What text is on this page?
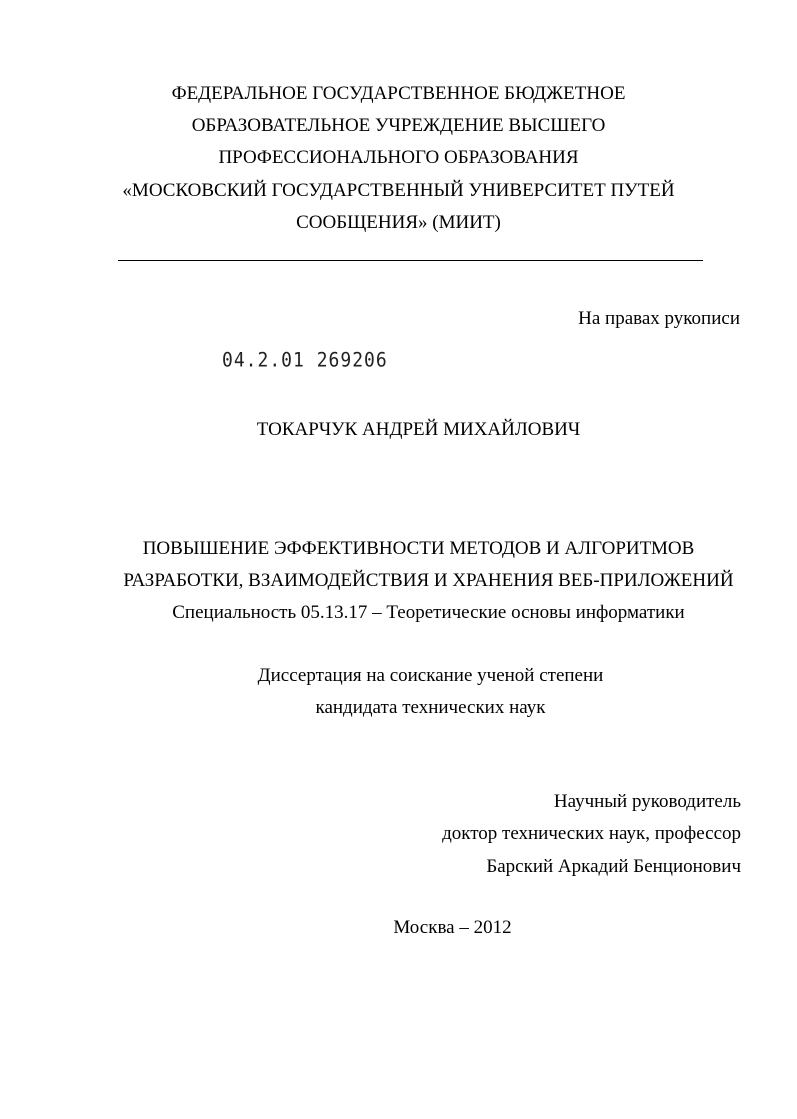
ФЕДЕРАЛЬНОЕ ГОСУДАРСТВЕННОЕ БЮДЖЕТНОЕ
ОБРАЗОВАТЕЛЬНОЕ УЧРЕЖДЕНИЕ ВЫСШЕГО
ПРОФЕССИОНАЛЬНОГО ОБРАЗОВАНИЯ
«МОСКОВСКИЙ ГОСУДАРСТВЕННЫЙ УНИВЕРСИТЕТ ПУТЕЙ
СООБЩЕНИЯ» (МИИТ)
На правах рукописи
04.2.01 269206
ТОКАРЧУК АНДРЕЙ МИХАЙЛОВИЧ
ПОВЫШЕНИЕ ЭФФЕКТИВНОСТИ МЕТОДОВ И АЛГОРИТМОВ
РАЗРАБОТКИ, ВЗАИМОДЕЙСТВИЯ И ХРАНЕНИЯ ВЕБ-ПРИЛОЖЕНИЙ
Специальность 05.13.17 – Теоретические основы информатики
Диссертация на соискание ученой степени
кандидата технических наук
Научный руководитель
доктор технических наук, профессор
Барский Аркадий Бенционович
Москва – 2012
